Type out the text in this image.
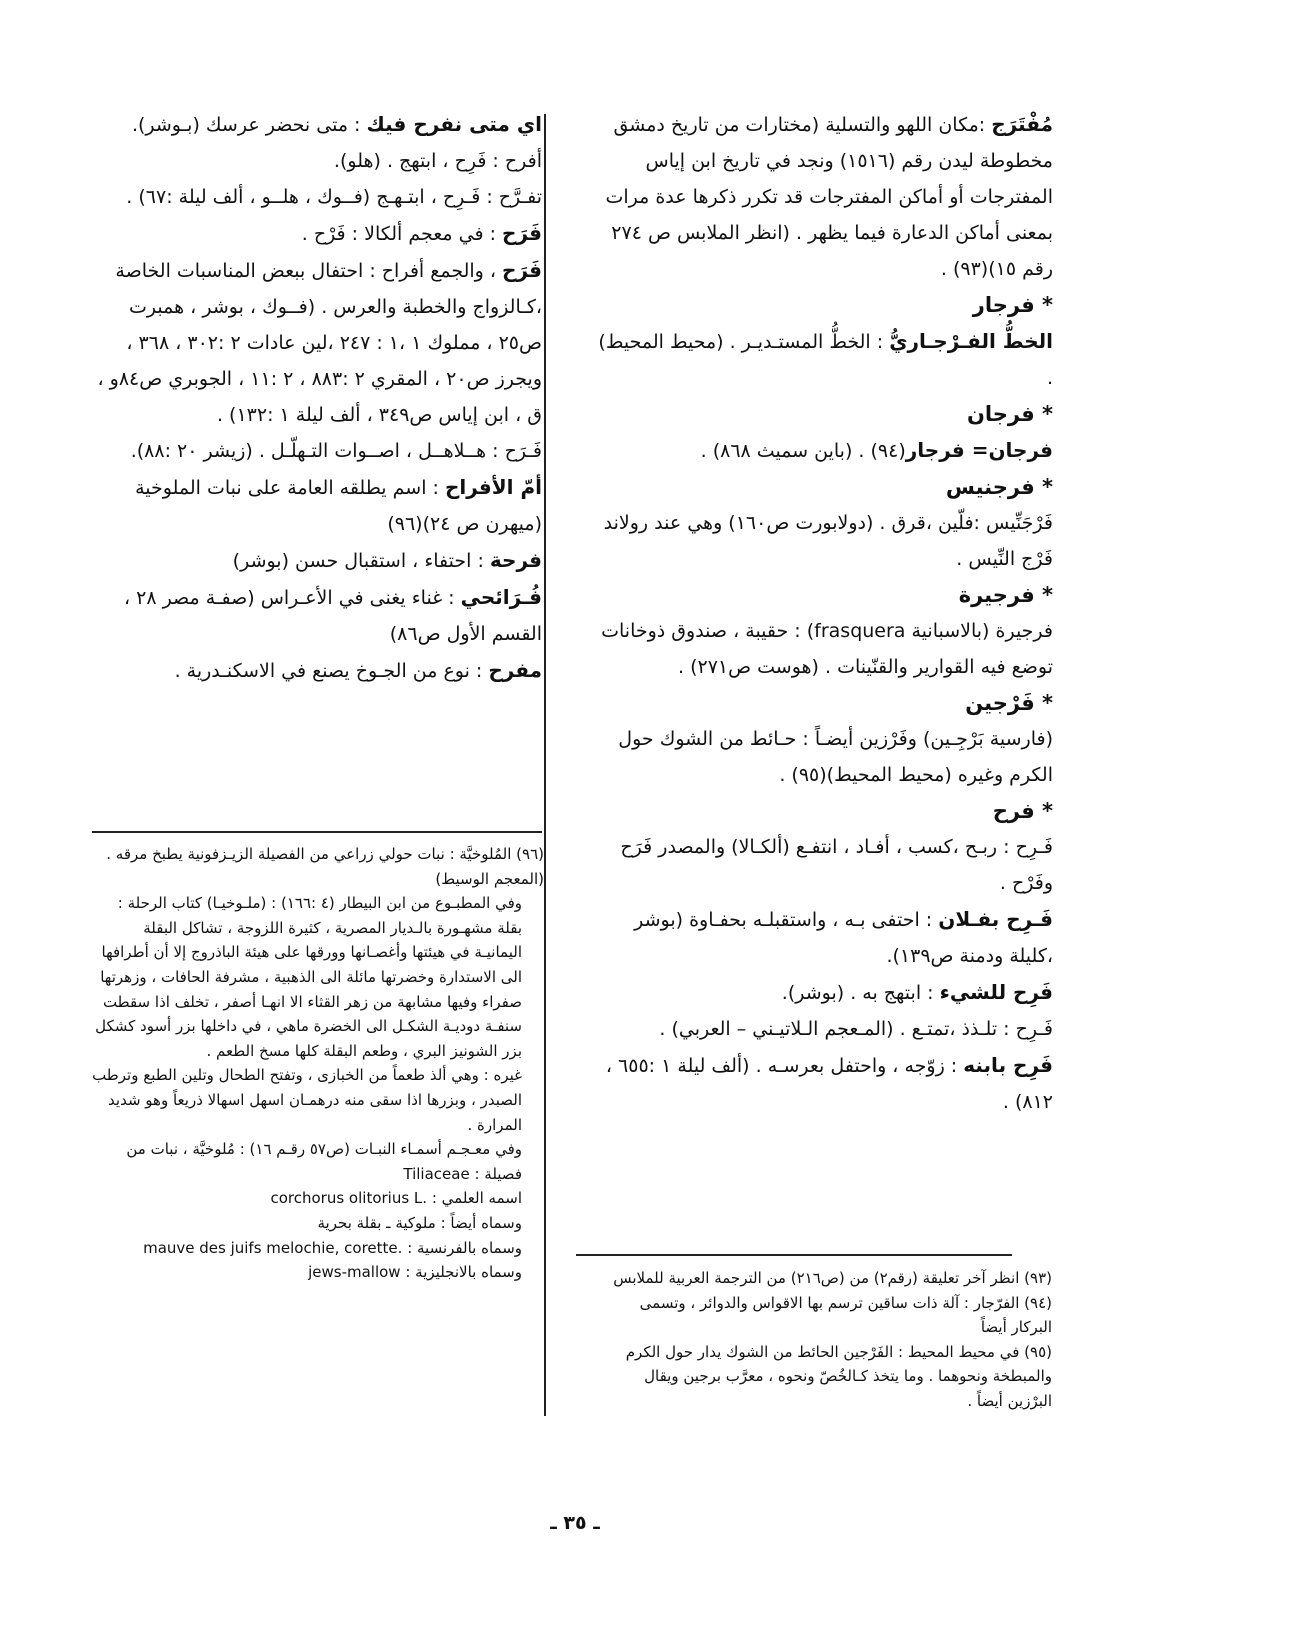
مُفْتَرَج :مكان اللهو والتسلية (مختارات من تاريخ دمشق مخطوطة ليدن رقم (١٥١٦) ونجد في تاريخ ابن إياس المفترجات أو أماكن المفترجات قد تكرر ذكرها عدة مرات بمعنى أماكن الدعارة فيما يظهر . (انظر الملابس ص ٢٧٤ رقم ١٥)(٩٣) .

* فرجار

الخطُّ الفـرْجـاريُّ : الخطُّ المستـديـر . (محيط المحيط) .

* فرجان

فرجان= فرجار(٩٤) . (باين سميث ٨٦٨) .

* فرجنيس

فَرْجَنِّيس :فلّين ،قرق . (دولابورت ص١٦٠) وهي عند رولاند فَرْج النِّيس .

* فرجيرة

فرجيرة (بالاسبانية frasquera) : حقيبة ، صندوق ذوخانات توضع فيه القوارير والقنّينات . (هوست ص٢٧١) .

* فَرْجين

(فارسية بَرْجِـين) وفَرْزين أيضـاً : حـائط من الشوك حول الكرم وغيره (محيط المحيط)(٩٥) .

* فرح

فَـرِح : ربـح ،كسب ، أفـاد ، انتفـع (ألكـالا) والمصدر فَرَح وفَرْح .

فَـرِح بفـلان : احتفى بـه ، واستقبلـه بحفـاوة (بوشر ،كليلة ودمنة ص١٣٩).

فَرِح للشيء : ابتهج به . (بوشر).

فَـرِح : تلـذذ ،تمتـع . (المـعجم الـلاتيـني – العربي) .

فَرِح بابنه : زوّجه ، واحتفل بعرسـه . (ألف ليلة ١ :٦٥٥ ، ٨١٢) .

اي متى نفرح فيك : متى نحضر عرسك (بـوشر).

أفرح : فَرِح ، ابتهج . (هلو).

تفـرَّح : فَـرِح ، ابتـهـج (فــوك ، هلــو ، ألف ليلة :٦٧) .

فَرَح : في معجم ألكالا : فَرْح .

فَرَح ، والجمع أفراح : احتفال ببعض المناسبات الخاصة ،كـالزواج والخطبة والعرس . (فــوك ، بوشر ، همبرت ص٢٥ ، مملوك ١ ،١ : ٢٤٧ ،لين عادات ٢ :٣٠٢ ، ٣٦٨ ، ويجرز ص٢٠ ، المقري ٢ :٨٨٣ ، ٢ :١١ ، الجوبري ص٨٤و ، ق ، ابن إياس ص٣٤٩ ، ألف ليلة ١ :١٣٢) .

فَـرَح : هــلاهــل ، اصــوات التـهلّـل . (زيشر ٢٠ :٨٨).

أمّ الأفراح : اسم يطلقه العامة على نبات الملوخية (ميهرن ص ٢٤)(٩٦)

فرحة : احتفاء ، استقبال حسن (بوشر)

فُـرَائحي : غناء يغنى في الأعـراس (صفـة مصر ٢٨ ، القسم الأول ص٨٦)

مفرح : نوع من الجـوخ يصنع في الاسكنـدرية .

(٩٣) انظر آخر تعليقة (رقم٢) من (ص٢١٦) من الترجمة العربية للملابس

(٩٤) الفرّجار : آلة ذات ساقين ترسم بها الاقواس والدوائر ، وتسمى البركار أيضاً

(٩٥) في محيط المحيط : الفَرْجين الحائط من الشوك يدار حول الكرم والمبطخة ونحوهما . وما يتخذ كـالخُصّ ونحوه ، معرَّب برجين ويقال البرْزين أيضاً .

(٩٦) المُلوخيَّة : نبات حولي زراعي من الفصيلة الزيـزفونية يطبخ مرقه . (المعجم الوسيط)

وفي المطبـوع من ابن البيطار (٤ :١٦٦) : (ملـوخيـا) كتاب الرحلة : بقلة مشهـورة بالـديار المصرية ، كثيرة اللزوجة ، تشاكل البقلة اليمانيـة في هيئتها وأغصـانها وورقها على هيئة الباذروج إلا أن أطرافها الى الاستدارة وخضرتها مائلة الى الذهبية ، مشرفة الحافات ، وزهرتها صفراء وفيها مشابهة من زهر القثاء الا انهـا أصفر ، تخلف اذا سقطت سنفـة دوديـة الشكـل الى الخضرة ماهي ، في داخلها بزر أسود كشكل بزر الشونيز البري ، وطعم البقلة كلها مسخ الطعم .

غيره : وهي ألذ طعماً من الخبازى ، وتفتح الطحال وتلين الطبع وترطب الصبدر ، وبزرها اذا سقى منه درهمـان اسهل اسهالا ذريعاً وهو شديد المرارة .

وفي معـجـم أسمـاء النبـات (ص٥٧ رقـم ١٦) : مُلوخيَّة ، نبات من فصيلة : Tiliaceae

اسمه العلمي : .corchorus olitorius L

وسماه أيضاً : ملوكية ـ بقلة بحرية

وسماه بالفرنسية : .mauve des juifs melochie, corette

وسماه بالانجليزية : jews-mallow

ـ ٣٥ ـ
